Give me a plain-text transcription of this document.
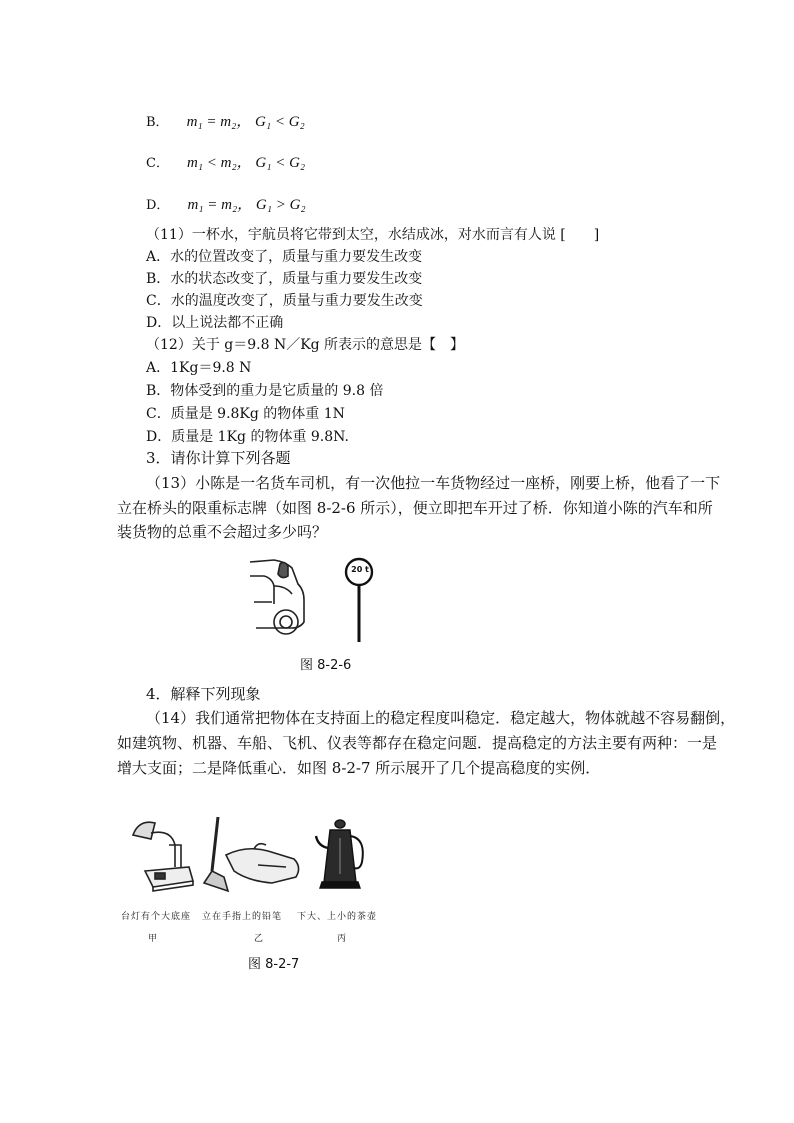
B． m₁ = m₂， G₁ < G₂
C． m₁ < m₂， G₁ < G₂
D． m₁ = m₂， G₁ > G₂
（11）一杯水，宇航员将它带到太空，水结成冰，对水而言有人说 [　　]
A．水的位置改变了，质量与重力要发生改变
B．水的状态改变了，质量与重力要发生改变
C．水的温度改变了，质量与重力要发生改变
D．以上说法都不正确
（12）关于 g＝9.8 N／Kg 所表示的意思是【　】
A．1Kg＝9.8 N
B．物体受到的重力是它质量的 9.8 倍
C．质量是 9.8Kg 的物体重 1N
D．质量是 1Kg 的物体重 9.8N.
3．请你计算下列各题
（13）小陈是一名货车司机，有一次他拉一车货物经过一座桥，刚要上桥，他看了一下
立在桥头的限重标志牌（如图 8-2-6 所示），便立即把车开过了桥．你知道小陈的汽车和所
装货物的总重不会超过多少吗？
20 t
图 8-2-6
4．解释下列现象
（14）我们通常把物体在支持面上的稳定程度叫稳定．稳定越大，物体就越不容易翻倒，
如建筑物、机器、车船、飞机、仪表等都存在稳定问题．提高稳定的方法主要有两种：一是
增大支面；二是降低重心．如图 8-2-7 所示展开了几个提高稳度的实例．
台灯有个大底座 立在手指上的铅笔 下大、上小的茶壶
甲	乙	丙
图 8-2-7
